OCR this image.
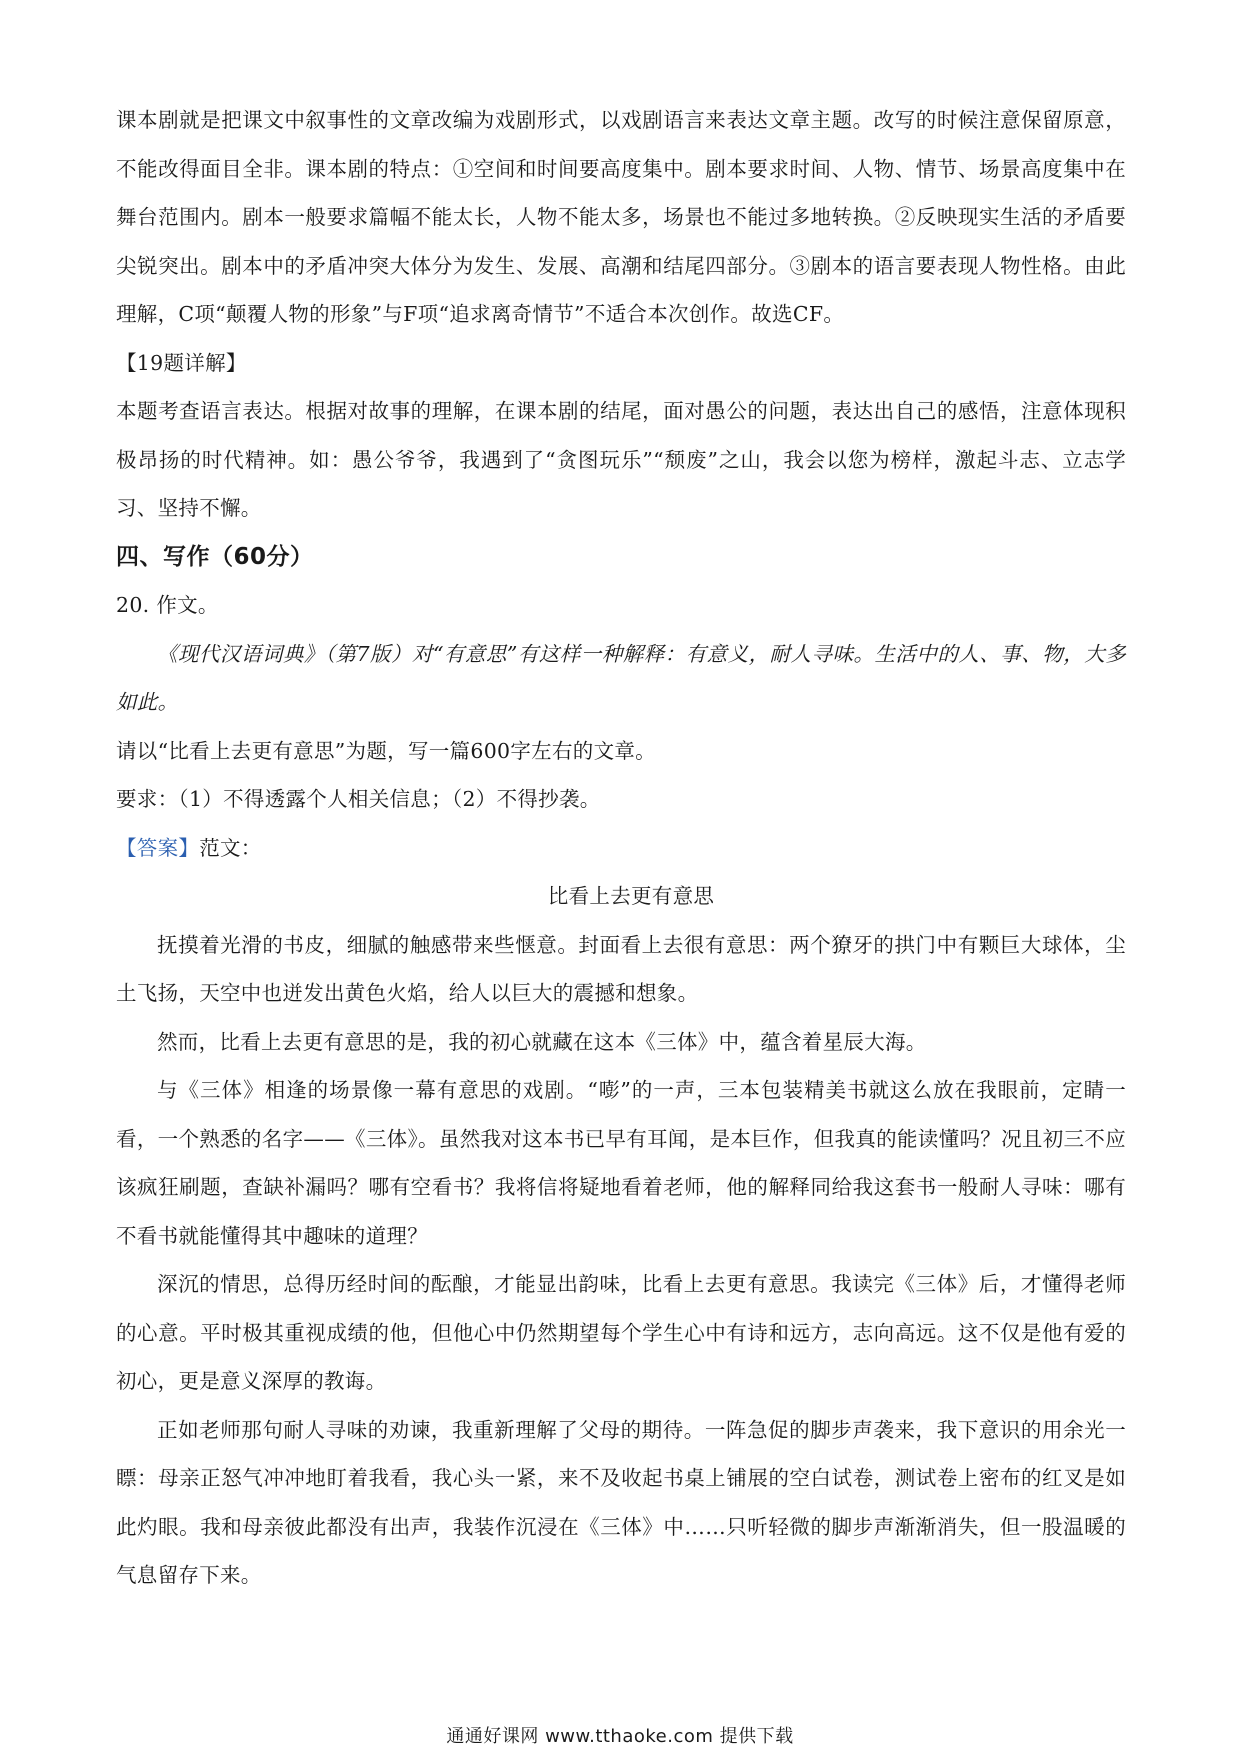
课本剧就是把课文中叙事性的文章改编为戏剧形式，以戏剧语言来表达文章主题。改写的时候注意保留原意，不能改得面目全非。课本剧的特点：①空间和时间要高度集中。剧本要求时间、人物、情节、场景高度集中在舞台范围内。剧本一般要求篇幅不能太长，人物不能太多，场景也不能过多地转换。②反映现实生活的矛盾要尖锐突出。剧本中的矛盾冲突大体分为发生、发展、高潮和结尾四部分。③剧本的语言要表现人物性格。由此理解，C项“颠覆人物的形象”与F项“追求离奇情节”不适合本次创作。故选CF。

【19题详解】

本题考查语言表达。根据对故事的理解，在课本剧的结尾，面对愚公的问题，表达出自己的感悟，注意体现积极昂扬的时代精神。如：愚公爷爷，我遇到了“贪图玩乐”“颓废”之山，我会以您为榜样，激起斗志、立志学习、坚持不懈。

四、写作（60分）

20. 作文。

《现代汉语词典》（第7版）对“有意思”有这样一种解释：有意义，耐人寻味。生活中的人、事、物，大多如此。

请以“比看上去更有意思”为题，写一篇600字左右的文章。

要求：（1）不得透露个人相关信息；（2）不得抄袭。

【答案】范文：

比看上去更有意思

抚摸着光滑的书皮，细腻的触感带来些惬意。封面看上去很有意思：两个獠牙的拱门中有颗巨大球体，尘土飞扬，天空中也迸发出黄色火焰，给人以巨大的震撼和想象。

然而，比看上去更有意思的是，我的初心就藏在这本《三体》中，蕴含着星辰大海。

与《三体》相逢的场景像一幕有意思的戏剧。“嘭”的一声，三本包装精美书就这么放在我眼前，定睛一看，一个熟悉的名字——《三体》。虽然我对这本书已早有耳闻，是本巨作，但我真的能读懂吗？况且初三不应该疯狂刷题，查缺补漏吗？哪有空看书？我将信将疑地看着老师，他的解释同给我这套书一般耐人寻味：哪有不看书就能懂得其中趣味的道理？

深沉的情思，总得历经时间的酝酿，才能显出韵味，比看上去更有意思。我读完《三体》后，才懂得老师的心意。平时极其重视成绩的他，但他心中仍然期望每个学生心中有诗和远方，志向高远。这不仅是他有爱的初心，更是意义深厚的教诲。

正如老师那句耐人寻味的劝谏，我重新理解了父母的期待。一阵急促的脚步声袭来，我下意识的用余光一瞟：母亲正怒气冲冲地盯着我看，我心头一紧，来不及收起书桌上铺展的空白试卷，测试卷上密布的红叉是如此灼眼。我和母亲彼此都没有出声，我装作沉浸在《三体》中……只听轻微的脚步声渐渐消失，但一股温暖的气息留存下来。

通通好课网 www.tthaoke.com 提供下载
